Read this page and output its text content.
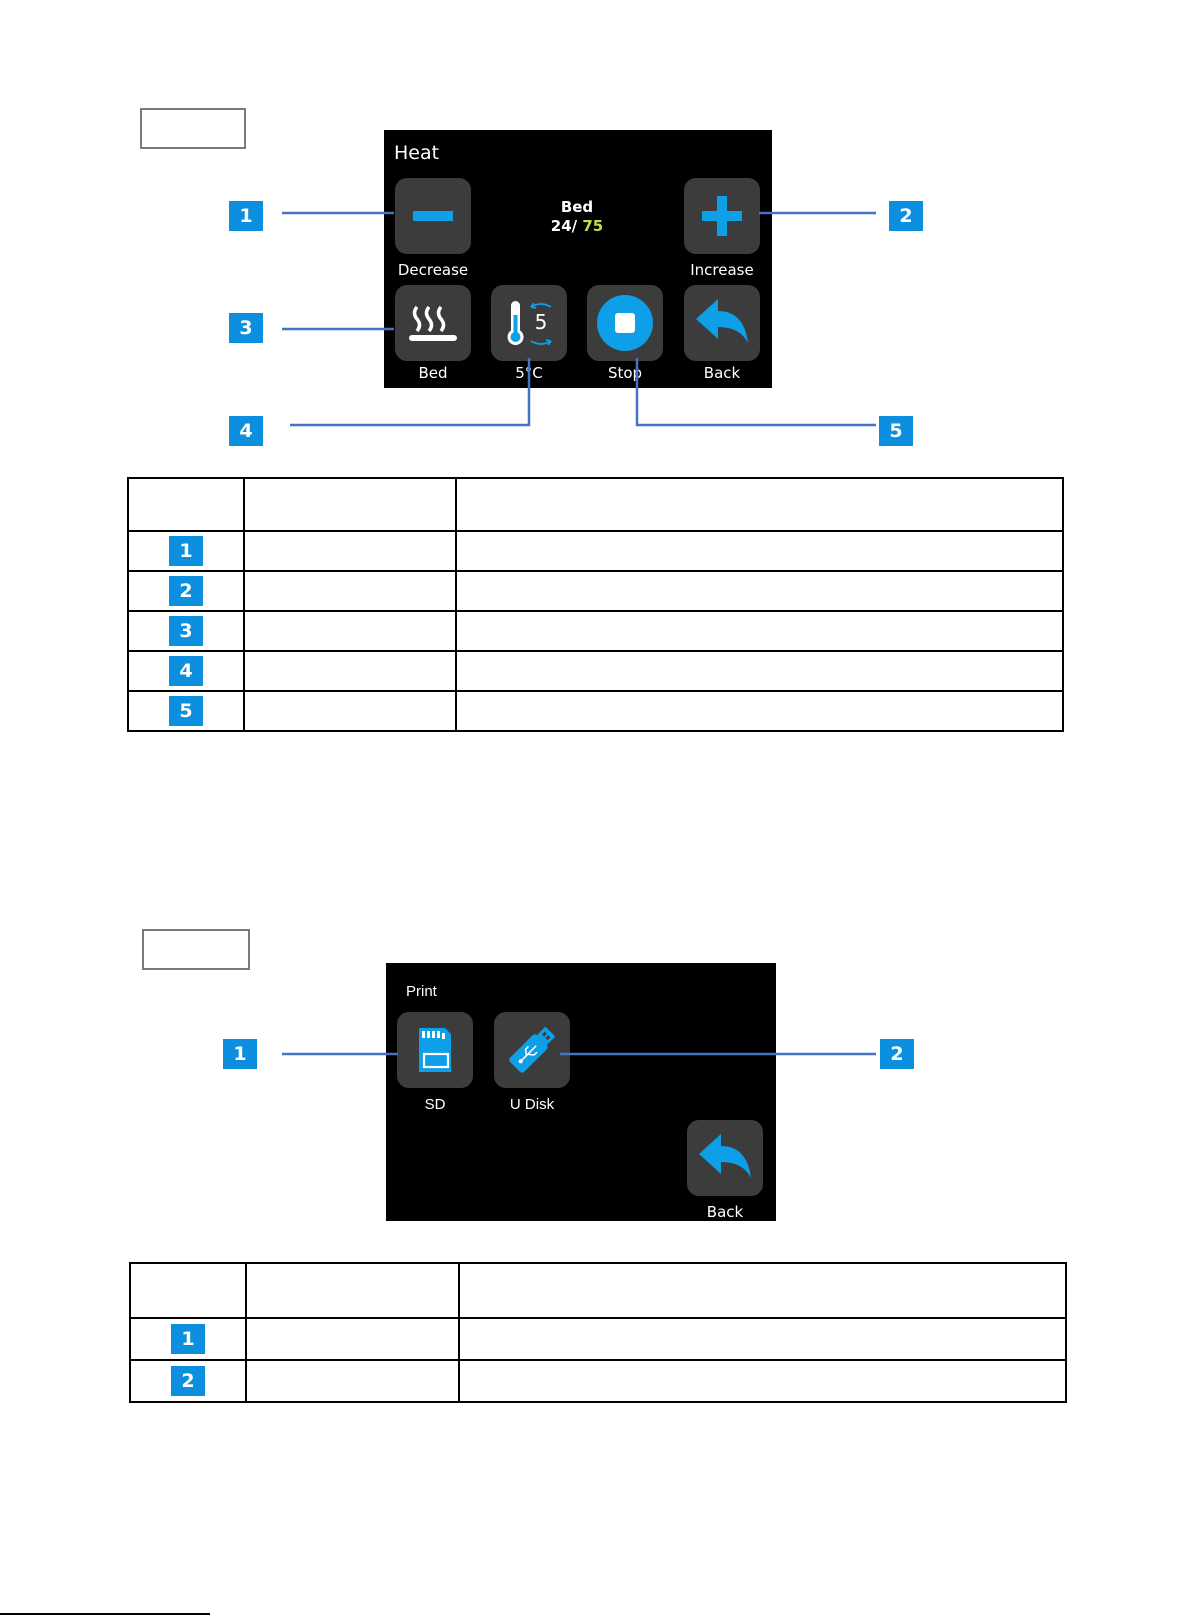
Heat
Decrease
Bed
24/ 75
Increase
Bed
5
5°C	Stop	Back
1	2
3
4	5

1		
2		
3		
4		
5		
Print
SD	U Disk
Back
1	2

1		
2		
